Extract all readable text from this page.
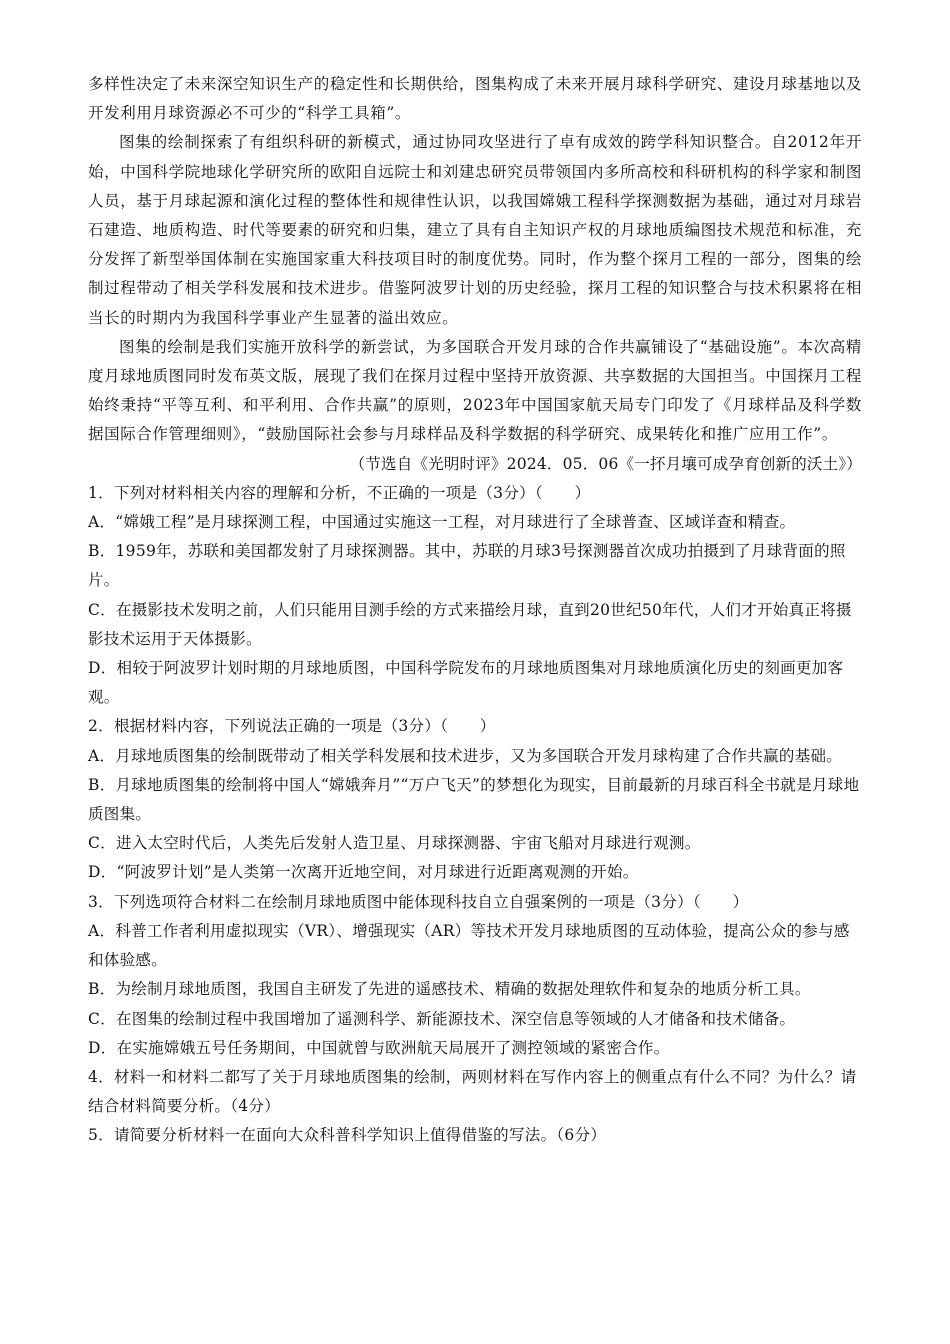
多样性决定了未来深空知识生产的稳定性和长期供给，图集构成了未来开展月球科学研究、建设月球基地以及开发利用月球资源必不可少的“科学工具箱”。

图集的绘制探索了有组织科研的新模式，通过协同攻坚进行了卓有成效的跨学科知识整合。自2012年开始，中国科学院地球化学研究所的欧阳自远院士和刘建忠研究员带领国内多所高校和科研机构的科学家和制图人员，基于月球起源和演化过程的整体性和规律性认识，以我国嫦娥工程科学探测数据为基础，通过对月球岩石建造、地质构造、时代等要素的研究和归集，建立了具有自主知识产权的月球地质编图技术规范和标准，充分发挥了新型举国体制在实施国家重大科技项目时的制度优势。同时，作为整个探月工程的一部分，图集的绘制过程带动了相关学科发展和技术进步。借鉴阿波罗计划的历史经验，探月工程的知识整合与技术积累将在相当长的时期内为我国科学事业产生显著的溢出效应。

图集的绘制是我们实施开放科学的新尝试，为多国联合开发月球的合作共赢铺设了“基础设施”。本次高精度月球地质图同时发布英文版，展现了我们在探月过程中坚持开放资源、共享数据的大国担当。中国探月工程始终秉持“平等互利、和平利用、合作共赢”的原则，2023年中国国家航天局专门印发了《月球样品及科学数据国际合作管理细则》，“鼓励国际社会参与月球样品及科学数据的科学研究、成果转化和推广应用工作”。

（节选自《光明时评》2024．05．06《一抔月壤可成孕育创新的沃土》）

1．下列对材料相关内容的理解和分析，不正确的一项是（3分）（　　）

A．“嫦娥工程”是月球探测工程，中国通过实施这一工程，对月球进行了全球普查、区域详查和精查。

B．1959年，苏联和美国都发射了月球探测器。其中，苏联的月球3号探测器首次成功拍摄到了月球背面的照片。

C．在摄影技术发明之前，人们只能用目测手绘的方式来描绘月球，直到20世纪50年代，人们才开始真正将摄影技术运用于天体摄影。

D．相较于阿波罗计划时期的月球地质图，中国科学院发布的月球地质图集对月球地质演化历史的刻画更加客观。

2．根据材料内容，下列说法正确的一项是（3分）（　　）

A．月球地质图集的绘制既带动了相关学科发展和技术进步，又为多国联合开发月球构建了合作共赢的基础。

B．月球地质图集的绘制将中国人“嫦娥奔月”“万户飞天”的梦想化为现实，目前最新的月球百科全书就是月球地质图集。

C．进入太空时代后，人类先后发射人造卫星、月球探测器、宇宙飞船对月球进行观测。

D．“阿波罗计划”是人类第一次离开近地空间，对月球进行近距离观测的开始。

3．下列选项符合材料二在绘制月球地质图中能体现科技自立自强案例的一项是（3分）（　　）

A．科普工作者利用虚拟现实（VR）、增强现实（AR）等技术开发月球地质图的互动体验，提高公众的参与感和体验感。

B．为绘制月球地质图，我国自主研发了先进的遥感技术、精确的数据处理软件和复杂的地质分析工具。

C．在图集的绘制过程中我国增加了遥测科学、新能源技术、深空信息等领域的人才储备和技术储备。

D．在实施嫦娥五号任务期间，中国就曾与欧洲航天局展开了测控领域的紧密合作。

4．材料一和材料二都写了关于月球地质图集的绘制，两则材料在写作内容上的侧重点有什么不同？为什么？请结合材料简要分析。（4分）

5．请简要分析材料一在面向大众科普科学知识上值得借鉴的写法。（6分）
